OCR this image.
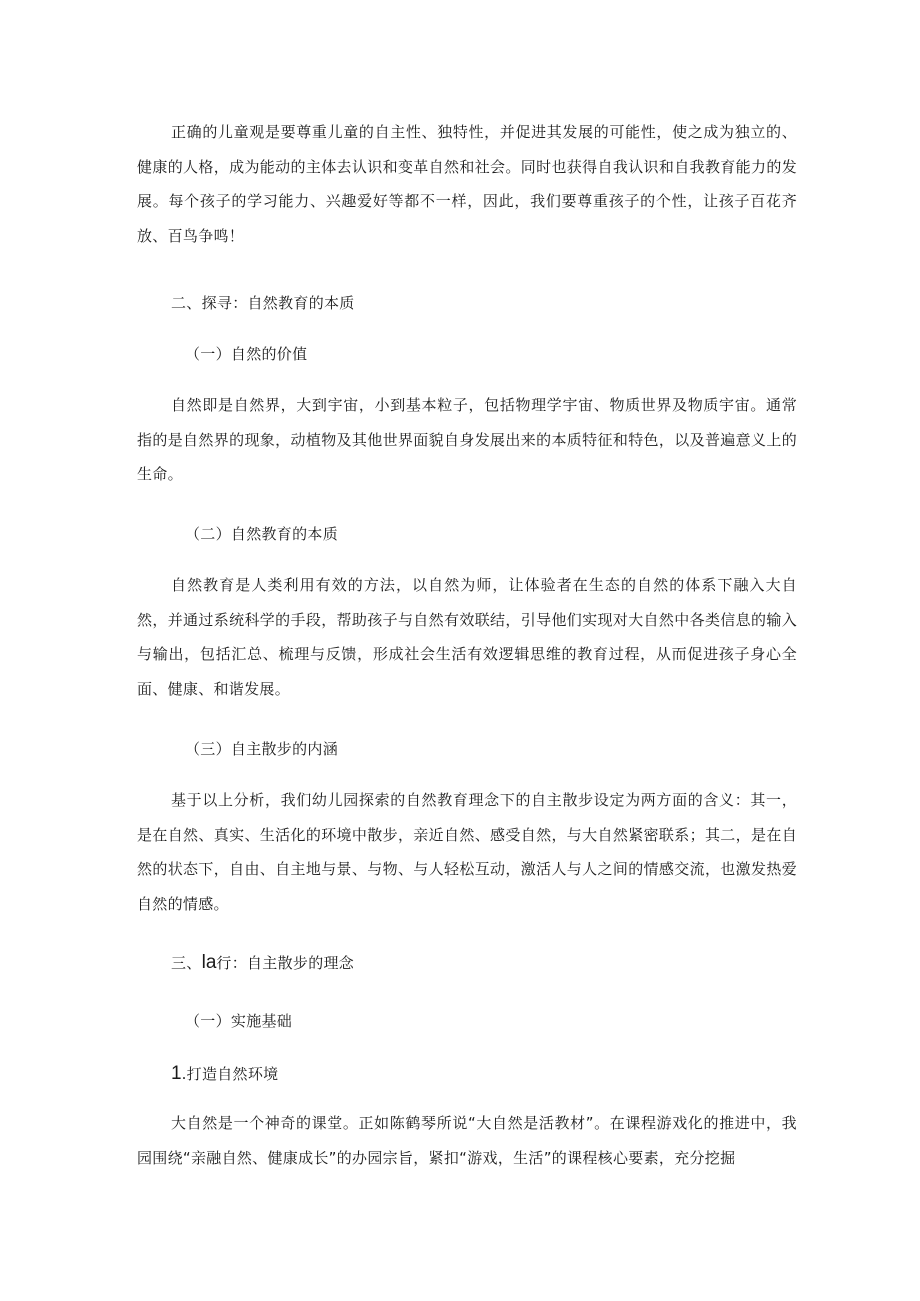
正确的儿童观是要尊重儿童的自主性、独特性，并促进其发展的可能性，使之成为独立的、健康的人格，成为能动的主体去认识和变革自然和社会。同时也获得自我认识和自我教育能力的发展。每个孩子的学习能力、兴趣爱好等都不一样，因此，我们要尊重孩子的个性，让孩子百花齐放、百鸟争鸣！

二、探寻：自然教育的本质

（一）自然的价值

自然即是自然界，大到宇宙，小到基本粒子，包括物理学宇宙、物质世界及物质宇宙。通常指的是自然界的现象，动植物及其他世界面貌自身发展出来的本质特征和特色，以及普遍意义上的生命。

（二）自然教育的本质

自然教育是人类利用有效的方法，以自然为师，让体验者在生态的自然的体系下融入大自然，并通过系统科学的手段，帮助孩子与自然有效联结，引导他们实现对大自然中各类信息的输入与输出，包括汇总、梳理与反馈，形成社会生活有效逻辑思维的教育过程，从而促进孩子身心全面、健康、和谐发展。

（三）自主散步的内涵

基于以上分析，我们幼儿园探索的自然教育理念下的自主散步设定为两方面的含义：其一，是在自然、真实、生活化的环境中散步，亲近自然、感受自然，与大自然紧密联系；其二，是在自然的状态下，自由、自主地与景、与物、与人轻松互动，激活人与人之间的情感交流，也激发热爱自然的情感。

三、la行：自主散步的理念

（一）实施基础

1.打造自然环境

大自然是一个神奇的课堂。正如陈鹤琴所说“大自然是活教材”。在课程游戏化的推进中，我园围绕“亲融自然、健康成长”的办园宗旨，紧扣“游戏，生活”的课程核心要素，充分挖掘
